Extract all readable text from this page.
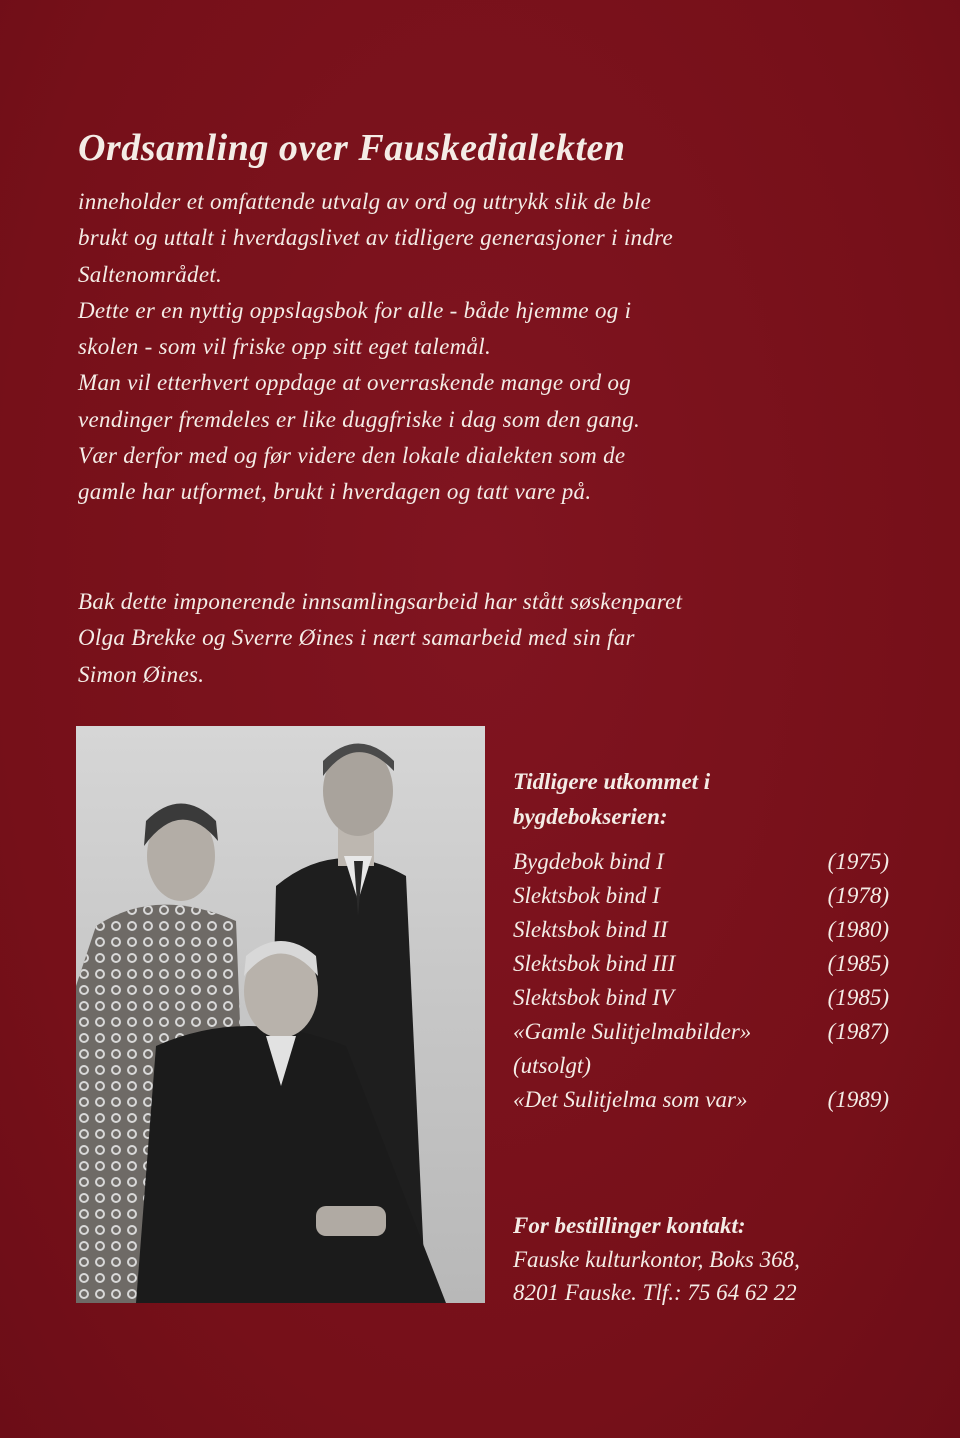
Ordsamling over Fauskedialekten
inneholder et omfattende utvalg av ord og uttrykk slik de ble
brukt og uttalt i hverdagslivet av tidligere generasjoner i indre
Saltenområdet.
Dette er en nyttig oppslagsbok for alle - både hjemme og i
skolen - som vil friske opp sitt eget talemål.
Man vil etterhvert oppdage at overraskende mange ord og
vendinger fremdeles er like duggfriske i dag som den gang.
Vær derfor med og før videre den lokale dialekten som de
gamle har utformet, brukt i hverdagen og tatt vare på.
Bak dette imponerende innsamlingsarbeid har stått søskenparet
Olga Brekke og Sverre Øines i nært samarbeid med sin far
Simon Øines.
Tidligere utkommet i
bygdebokserien:
Bygdebok bind I	(1975)
Slektsbok bind I	(1978)
Slektsbok bind II	(1980)
Slektsbok bind III	(1985)
Slektsbok bind IV	(1985)
«Gamle Sulitjelmabilder»	(1987)
(utsolgt)
«Det Sulitjelma som var»	(1989)
For bestillinger kontakt:
Fauske kulturkontor, Boks 368,
8201 Fauske. Tlf.: 75 64 62 22
